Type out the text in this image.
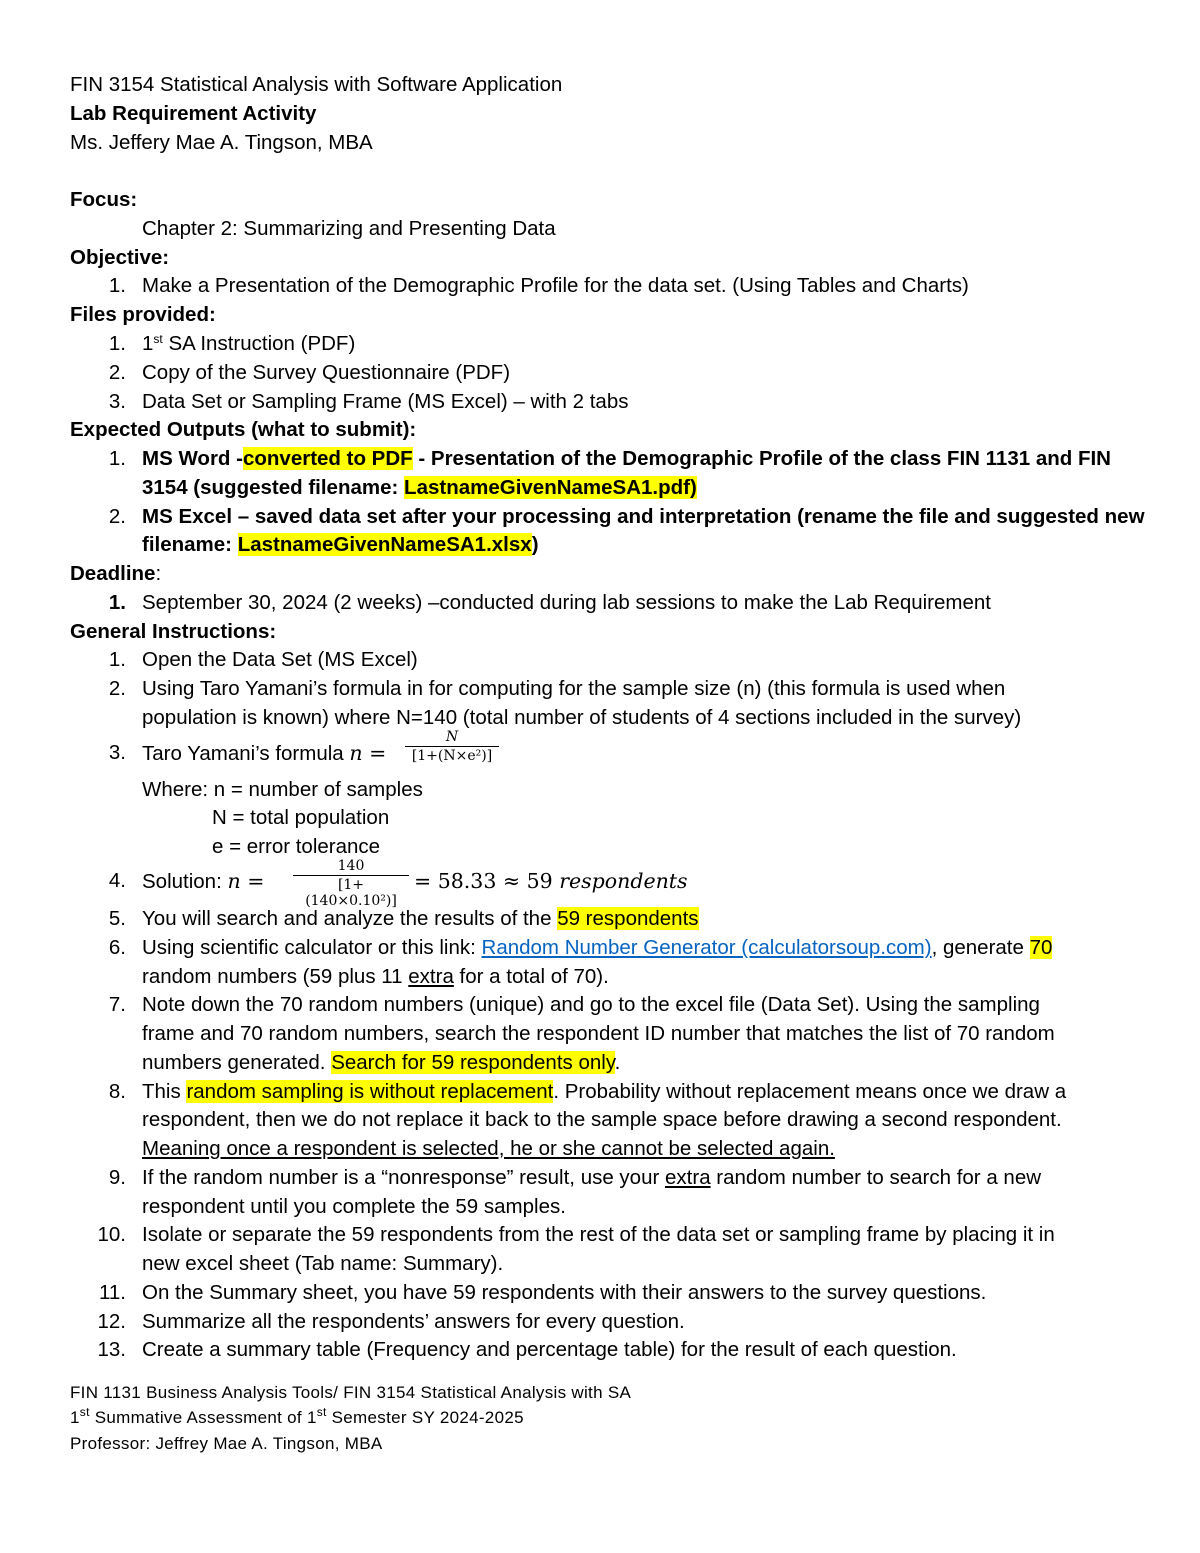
FIN 3154 Statistical Analysis with Software Application
Lab Requirement Activity
Ms. Jeffery Mae A. Tingson, MBA
Focus:
Chapter 2: Summarizing and Presenting Data
Objective:
1. Make a Presentation of the Demographic Profile for the data set. (Using Tables and Charts)
Files provided:
1. 1st SA Instruction (PDF)
2. Copy of the Survey Questionnaire (PDF)
3. Data Set or Sampling Frame (MS Excel) – with 2 tabs
Expected Outputs (what to submit):
1. MS Word -converted to PDF - Presentation of the Demographic Profile of the class FIN 1131 and FIN
3154 (suggested filename: LastnameGivenNameSA1.pdf)
2. MS Excel – saved data set after your processing and interpretation (rename the file and suggested new
filename: LastnameGivenNameSA1.xlsx)
Deadline:
1. September 30, 2024 (2 weeks) –conducted during lab sessions to make the Lab Requirement
General Instructions:
1. Open the Data Set (MS Excel)
2. Using Taro Yamani’s formula in for computing for the sample size (n) (this formula is used when
population is known) where N=140 (total number of students of 4 sections included in the survey)
3. Taro Yamani’s formula n =
N
[1+(N×e²)]
Where: n = number of samples
N = total population
e = error tolerance
4. Solution: n =
140
[1+(140×0.10²)]
= 58.33 ≈ 59 respondents
5. You will search and analyze the results of the 59 respondents
6. Using scientific calculator or this link: Random Number Generator (calculatorsoup.com), generate 70
random numbers (59 plus 11 extra for a total of 70).
7. Note down the 70 random numbers (unique) and go to the excel file (Data Set). Using the sampling
frame and 70 random numbers, search the respondent ID number that matches the list of 70 random
numbers generated. Search for 59 respondents only.
8. This random sampling is without replacement. Probability without replacement means once we draw a
respondent, then we do not replace it back to the sample space before drawing a second respondent.
Meaning once a respondent is selected, he or she cannot be selected again.
9. If the random number is a “nonresponse” result, use your extra random number to search for a new
respondent until you complete the 59 samples.
10. Isolate or separate the 59 respondents from the rest of the data set or sampling frame by placing it in
new excel sheet (Tab name: Summary).
11. On the Summary sheet, you have 59 respondents with their answers to the survey questions.
12. Summarize all the respondents’ answers for every question.
13. Create a summary table (Frequency and percentage table) for the result of each question.
FIN 1131 Business Analysis Tools/ FIN 3154 Statistical Analysis with SA
1st Summative Assessment of 1st Semester SY 2024-2025
Professor: Jeffrey Mae A. Tingson, MBA
